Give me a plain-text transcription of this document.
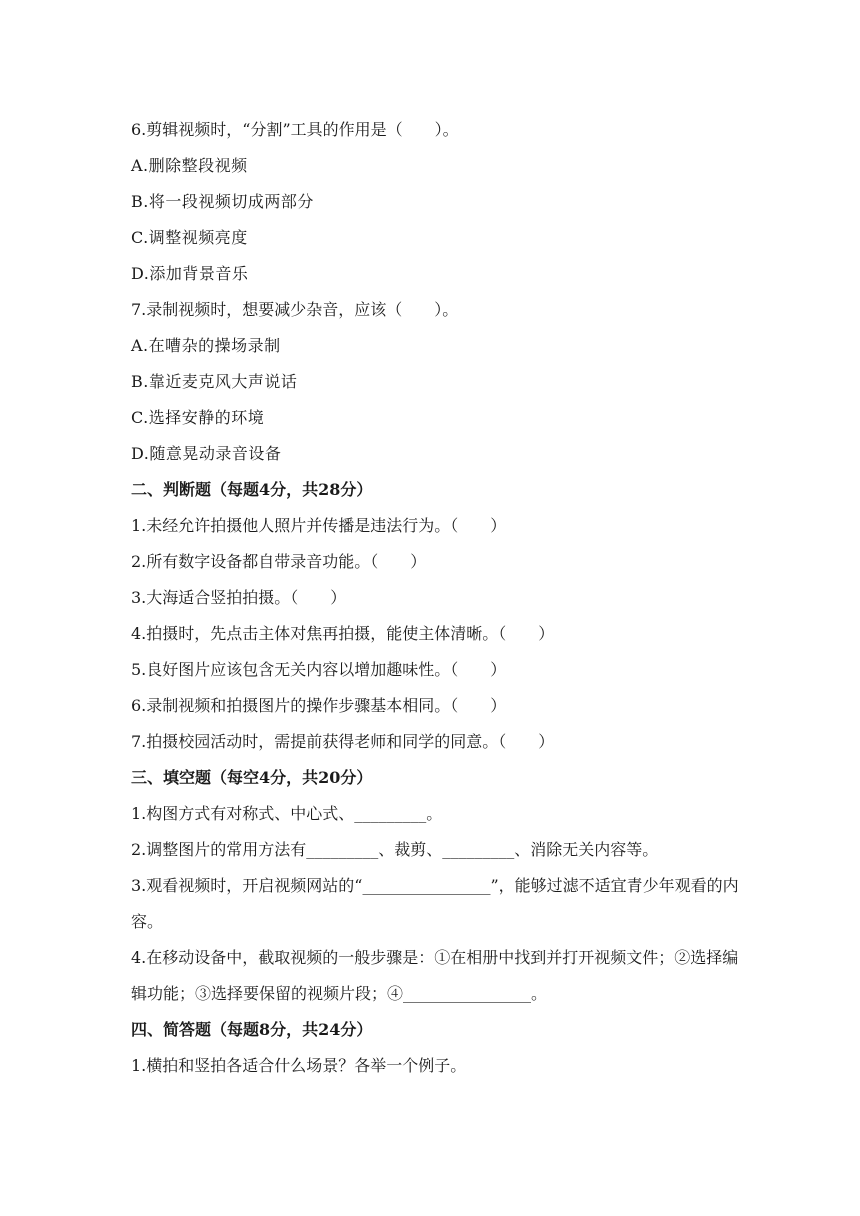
6.剪辑视频时，“分割”工具的作用是（　　）。
A.删除整段视频
B.将一段视频切成两部分
C.调整视频亮度
D.添加背景音乐
7.录制视频时，想要减少杂音，应该（　　）。
A.在嘈杂的操场录制
B.靠近麦克风大声说话
C.选择安静的环境
D.随意晃动录音设备
二、判断题（每题4分，共28分）
1.未经允许拍摄他人照片并传播是违法行为。（　　）
2.所有数字设备都自带录音功能。（　　）
3.大海适合竖拍拍摄。（　　）
4.拍摄时，先点击主体对焦再拍摄，能使主体清晰。（　　）
5.良好图片应该包含无关内容以增加趣味性。（　　）
6.录制视频和拍摄图片的操作步骤基本相同。（　　）
7.拍摄校园活动时，需提前获得老师和同学的同意。（　　）
三、填空题（每空4分，共20分）
1.构图方式有对称式、中心式、_________。
2.调整图片的常用方法有_________、裁剪、_________、消除无关内容等。
3.观看视频时，开启视频网站的“________________”，能够过滤不适宜青少年观看的内容。
4.在移动设备中，截取视频的一般步骤是：①在相册中找到并打开视频文件；②选择编辑功能；③选择要保留的视频片段；④________________。
四、简答题（每题8分，共24分）
1.横拍和竖拍各适合什么场景？各举一个例子。
